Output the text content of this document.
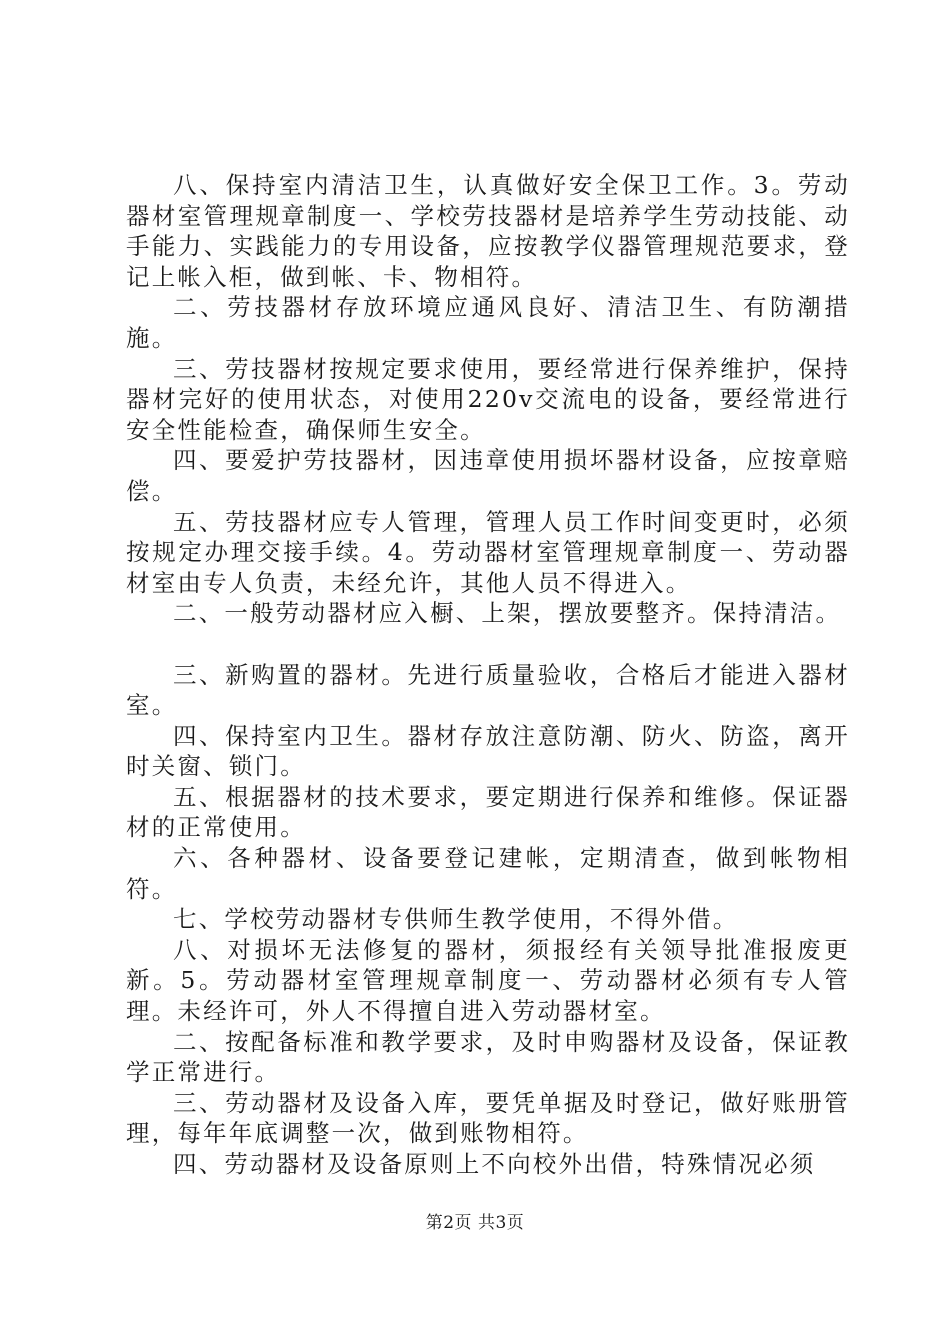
八、保持室内清洁卫生，认真做好安全保卫工作。3。劳动器材室管理规章制度一、学校劳技器材是培养学生劳动技能、动手能力、实践能力的专用设备，应按教学仪器管理规范要求，登记上帐入柜，做到帐、卡、物相符。

二、劳技器材存放环境应通风良好、清洁卫生、有防潮措施。

三、劳技器材按规定要求使用，要经常进行保养维护，保持器材完好的使用状态，对使用220v交流电的设备，要经常进行安全性能检查，确保师生安全。

四、要爱护劳技器材，因违章使用损坏器材设备，应按章赔偿。

五、劳技器材应专人管理，管理人员工作时间变更时，必须按规定办理交接手续。4。劳动器材室管理规章制度一、劳动器材室由专人负责，未经允许，其他人员不得进入。

二、一般劳动器材应入橱、上架，摆放要整齐。保持清洁。

三、新购置的器材。先进行质量验收，合格后才能进入器材室。

四、保持室内卫生。器材存放注意防潮、防火、防盗，离开时关窗、锁门。

五、根据器材的技术要求，要定期进行保养和维修。保证器材的正常使用。

六、各种器材、设备要登记建帐，定期清查，做到帐物相符。

七、学校劳动器材专供师生教学使用，不得外借。

八、对损坏无法修复的器材，须报经有关领导批准报废更新。5。劳动器材室管理规章制度一、劳动器材必须有专人管理。未经许可，外人不得擅自进入劳动器材室。

二、按配备标准和教学要求，及时申购器材及设备，保证教学正常进行。

三、劳动器材及设备入库，要凭单据及时登记，做好账册管理，每年年底调整一次，做到账物相符。

四、劳动器材及设备原则上不向校外出借，特殊情况必须

第2页 共3页
